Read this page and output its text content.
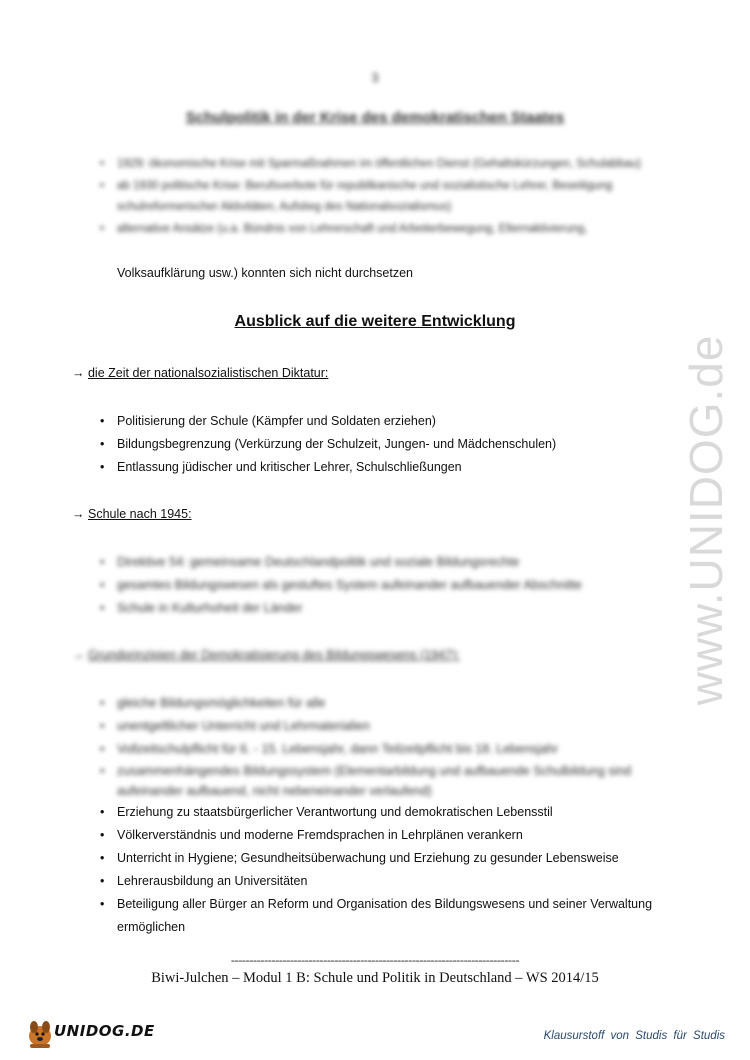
3
Schulpolitik in der Krise des demokratischen Staates
• 1929: ökonomische Krise mit Sparmaßnahmen im öffentlichen Dienst (Gehaltskürzungen, Schulabbau)
• ab 1930 politische Krise: Berufsverbote für republikanische und sozialistische Lehrer, Beseitigung schulreformerischer Aktivitäten, Aufstieg des Nationalsozialismus)
• alternative Ansätze (u.a. Bündnis von Lehrerschaft und Arbeiterbewegung, Elternaktivierung,
Volksaufklärung usw.) konnten sich nicht durchsetzen
Ausblick auf die weitere Entwicklung
→ die Zeit der nationalsozialistischen Diktatur:
• Politisierung der Schule (Kämpfer und Soldaten erziehen)
• Bildungsbegrenzung (Verkürzung der Schulzeit, Jungen- und Mädchenschulen)
• Entlassung jüdischer und kritischer Lehrer, Schulschließungen
→ Schule nach 1945:
• Direktive 54: gemeinsame Deutschlandpolitik und soziale Bildungsrechte
• gesamtes Bildungswesen als gestuftes System aufeinander aufbauender Abschnitte
• Schule in Kulturhoheit der Länder
→ Grundprinzipien der Demokratisierung des Bildungswesens (1947):
• gleiche Bildungsmöglichkeiten für alle
• unentgeltlicher Unterricht und Lehrmaterialien
• Vollzeitschulpflicht für 6. - 15. Lebensjahr, dann Teilzeitpflicht bis 18. Lebensjahr
• zusammenhängendes Bildungssystem (Elementarbildung und aufbauende Schulbildung sind aufeinander aufbauend, nicht nebeneinander verlaufend)
• Erziehung zu staatsbürgerlicher Verantwortung und demokratischen Lebensstil
• Völkerverständnis und moderne Fremdsprachen in Lehrplänen verankern
• Unterricht in Hygiene; Gesundheitsüberwachung und Erziehung zu gesunder Lebensweise
• Lehrerausbildung an Universitäten
• Beteiligung aller Bürger an Reform und Organisation des Bildungswesens und seiner Verwaltung ermöglichen
------------------------------------------------------------------------------
Biwi-Julchen – Modul 1 B: Schule und Politik in Deutschland – WS 2014/15
www.UNIDOG.de
UNIDOG.DE	Klausurstoff von Studis für Studis
